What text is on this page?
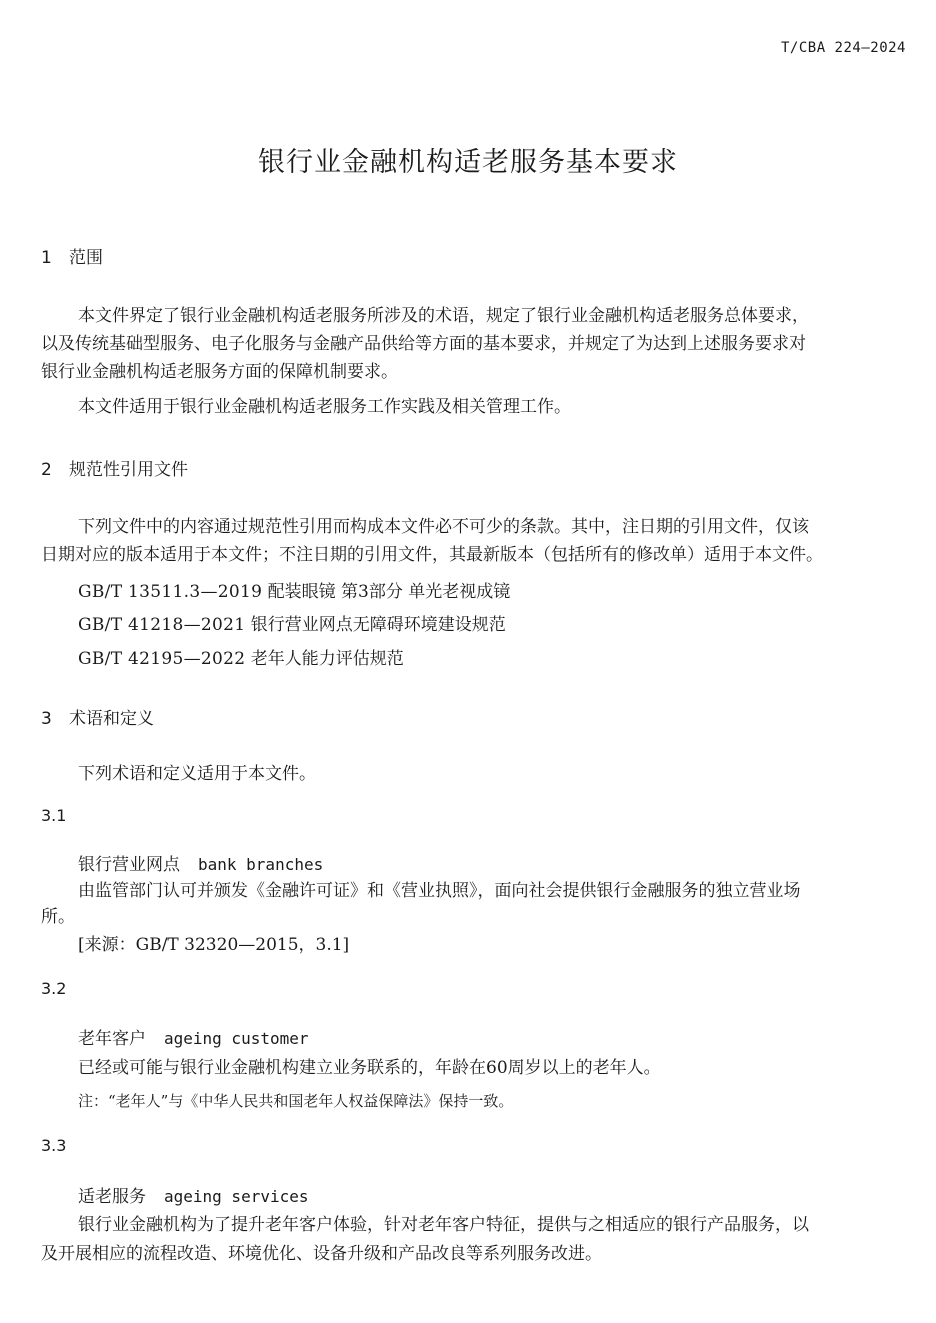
T/CBA 224—2024
银行业金融机构适老服务基本要求
1 范围
本文件界定了银行业金融机构适老服务所涉及的术语，规定了银行业金融机构适老服务总体要求，
以及传统基础型服务、电子化服务与金融产品供给等方面的基本要求，并规定了为达到上述服务要求对
银行业金融机构适老服务方面的保障机制要求。
本文件适用于银行业金融机构适老服务工作实践及相关管理工作。
2 规范性引用文件
下列文件中的内容通过规范性引用而构成本文件必不可少的条款。其中，注日期的引用文件，仅该
日期对应的版本适用于本文件；不注日期的引用文件，其最新版本（包括所有的修改单）适用于本文件。
GB/T 13511.3—2019 配装眼镜 第3部分 单光老视成镜
GB/T 41218—2021 银行营业网点无障碍环境建设规范
GB/T 42195—2022 老年人能力评估规范
3 术语和定义
下列术语和定义适用于本文件。
3.1
银行营业网点 bank branches
由监管部门认可并颁发《金融许可证》和《营业执照》，面向社会提供银行金融服务的独立营业场
所。
[来源：GB/T 32320—2015，3.1]
3.2
老年客户 ageing customer
已经或可能与银行业金融机构建立业务联系的，年龄在60周岁以上的老年人。
注：“老年人”与《中华人民共和国老年人权益保障法》保持一致。
3.3
适老服务 ageing services
银行业金融机构为了提升老年客户体验，针对老年客户特征，提供与之相适应的银行产品服务，以
及开展相应的流程改造、环境优化、设备升级和产品改良等系列服务改进。
